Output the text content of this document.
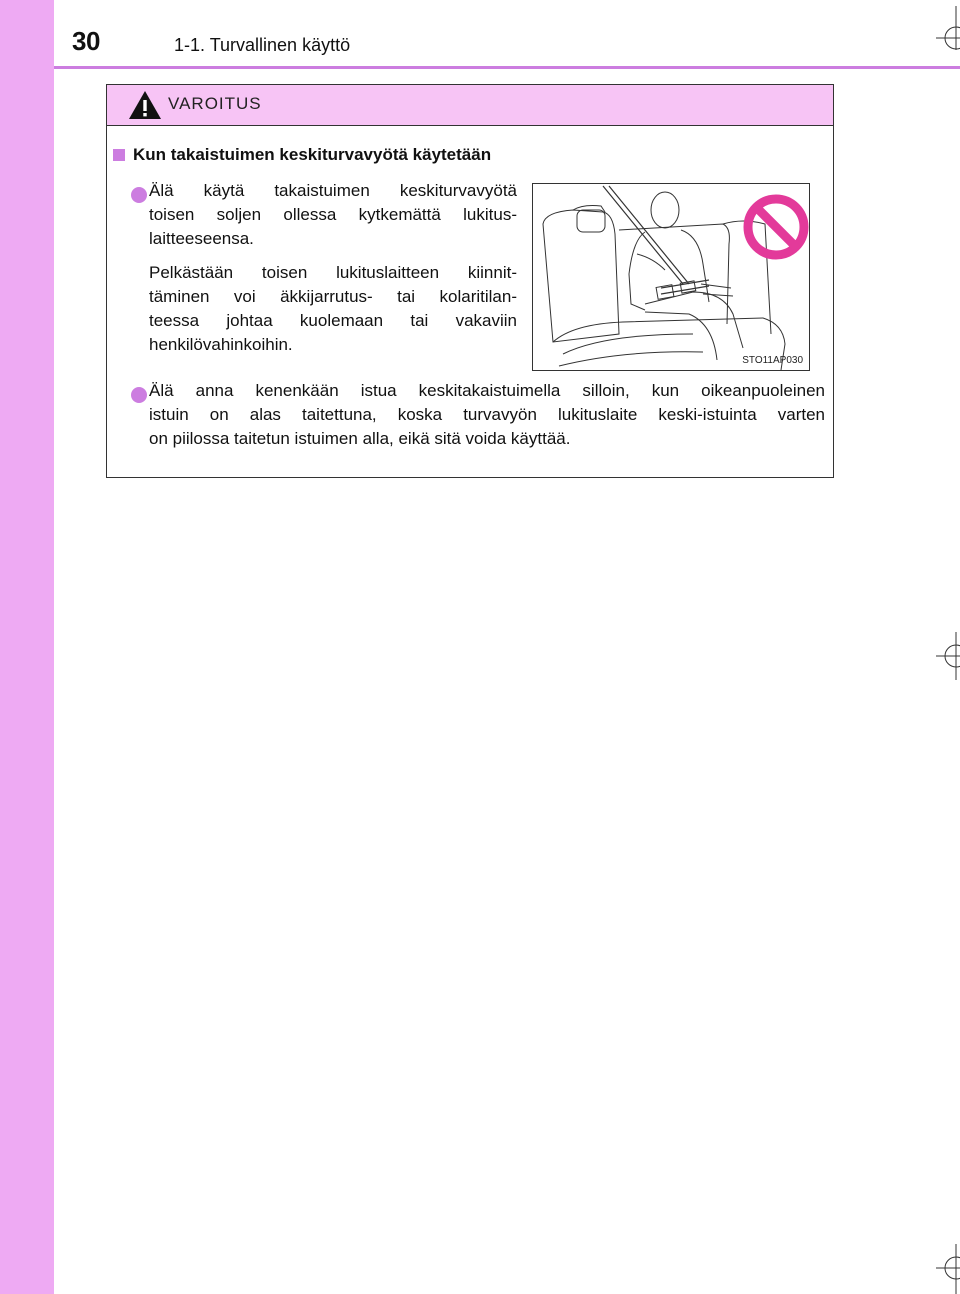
30	1-1. Turvallinen käyttö
VAROITUS
Kun takaistuimen keskiturvavyötä käytetään

Älä käytä takaistuimen keskiturvavyötä

toisen soljen ollessa kytkemättä lukitus-

laitteeseensa.

Pelkästään toisen lukituslaitteen kiinnit-

täminen voi äkkijarrutus- tai kolaritilan-

teessa johtaa kuolemaan tai vakaviin

henkilövahinkoihin.

STO11AP030

Älä anna kenenkään istua keskitakaistuimella silloin, kun oikeanpuoleinen

istuin on alas taitettuna, koska turvavyön lukituslaite keski-istuinta varten

on piilossa taitetun istuimen alla, eikä sitä voida käyttää.
